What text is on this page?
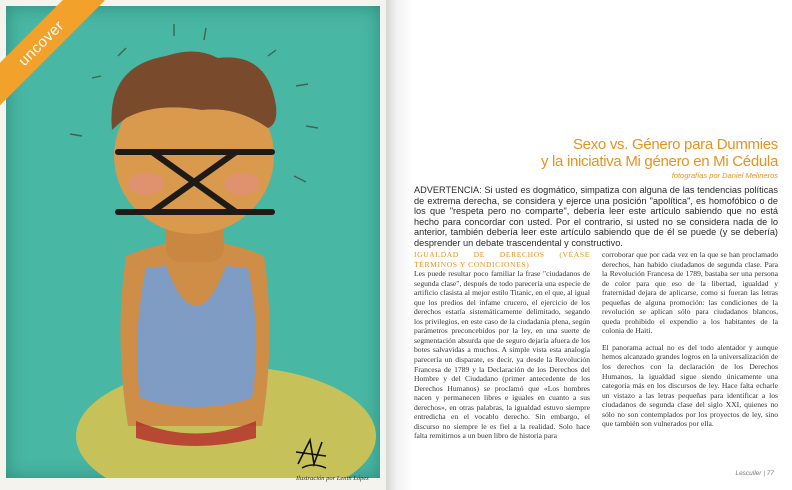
Ilustración por Lenin López
uncover
Sexo vs. Género para Dummies
y la iniciativa Mi género en Mi Cédula
fotografías por Daniel Melineros
ADVERTENCIA: Si usted es dogmático, simpatiza con alguna de las tendencias políticas de extrema derecha, se considera y ejerce una posición "apolítica", es homofóbico o de los que "respeta pero no comparte", debería leer este artículo sabiendo que no está hecho para concordar con usted. Por el contrario, si usted no se considera nada de lo anterior, también debería leer este artículo sabiendo que de él se puede (y se debería) desprender un debate trascendental y constructivo.
IGUALDAD DE DERECHOS (VÉASE TÉRMINOS Y CONDICIONES)

Les puede resultar poco familiar la frase "ciudadanos de segunda clase", después de todo parecería una especie de artificio clasista al mejor estilo Titanic, en el que, al igual que los predios del infame crucero, el ejercicio de los derechos estaría sistemáticamente delimitado, segando los privilegios, en este caso de la ciudadanía plena, según parámetros preconcebidos por la ley, en una suerte de segmentación absurda que de seguro dejaría afuera de los botes salvavidas a muchos. A simple vista esta analogía parecería un disparate, es decir, ya desde la Revolución Francesa de 1789 y la Declaración de los Derechos del Hombre y del Ciudadano (primer antecedente de los Derechos Humanos) se proclamó que «Los hombres nacen y permanecen libres e iguales en cuanto a sus derechos», en otras palabras, la igualdad estuvo siempre entredicha en el vocablo derecho. Sin embargo, el discurso no siempre le es fiel a la realidad. Solo hace falta remitirnos a un buen libro de historia para

corroborar que por cada vez en la que se han proclamado derechos, han habido ciudadanos de segunda clase. Para la Revolución Francesa de 1789, bastaba ser una persona de color para que eso de la libertad, igualdad y fraternidad dejara de aplicarse, como si fueran las letras pequeñas de alguna promoción: las condiciones de la revolución se aplican sólo para ciudadanos blancos, queda prohibido el expendio a los habitantes de la colonia de Haití.

El panorama actual no es del todo alentador y aunque hemos alcanzado grandes logros en la universalización de los derechos con la declaración de los Derechos Humanos, la igualdad sigue siendo únicamente una categoría más en los discursos de ley. Hace falta echarle un vistazo a las letras pequeñas para identificar a los ciudadanos de segunda clase del siglo XXI, quienes no sólo no son contemplados por los proyectos de ley, sino que también son vulnerados por ella.

Lesculler | 77
